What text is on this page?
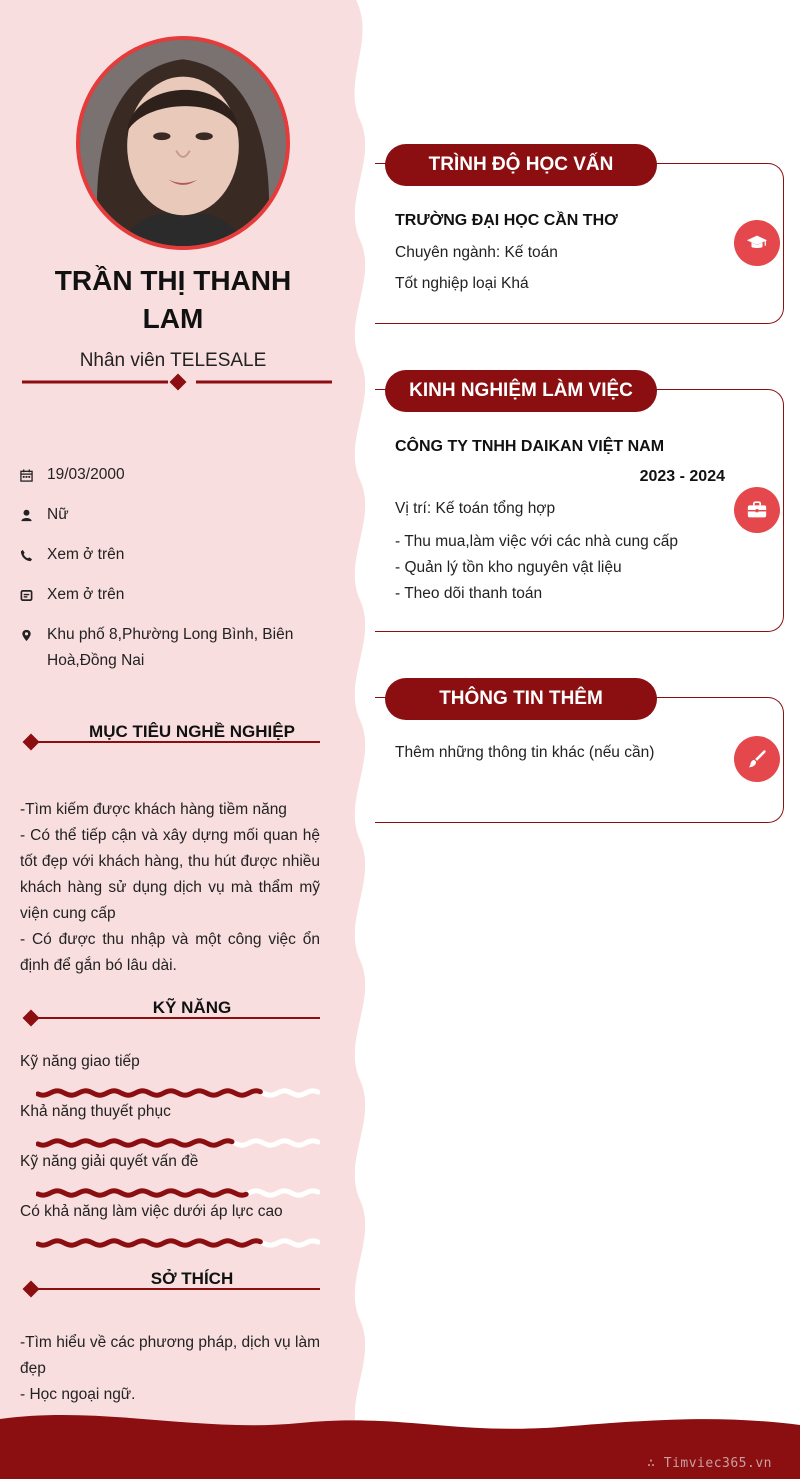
∴ Timviec365.vn
TRẦN THỊ THANH
LAM
Nhân viên TELESALE
19/03/2000
Nữ
Xem ở trên
Xem ở trên
Khu phố 8,Phường Long Bình, Biên Hoà,Đồng Nai
MỤC TIÊU NGHỀ NGHIỆP
-Tìm kiếm được khách hàng tiềm năng
- Có thể tiếp cận và xây dựng mối quan hệ tốt đẹp với khách hàng, thu hút được nhiều khách hàng sử dụng dịch vụ mà thẩm mỹ viện cung cấp
- Có được thu nhập và một công việc ổn định để gắn bó lâu dài.
KỸ NĂNG
Kỹ năng giao tiếp
Khả năng thuyết phục
Kỹ năng giải quyết vấn đề
Có khả năng làm việc dưới áp lực cao
SỞ THÍCH
-Tìm hiểu về các phương pháp, dịch vụ làm đẹp
- Học ngoại ngữ.
TRÌNH ĐỘ HỌC VẤN
TRƯỜNG ĐẠI HỌC CẦN THƠ
Chuyên ngành: Kế toán
Tốt nghiệp loại Khá
KINH NGHIỆM LÀM VIỆC
CÔNG TY TNHH DAIKAN VIỆT NAM
2023 - 2024
Vị trí: Kế toán tổng hợp
- Thu mua,làm việc với các nhà cung cấp
- Quản lý tồn kho nguyên vật liệu
- Theo dõi thanh toán
THÔNG TIN THÊM
Thêm những thông tin khác (nếu cần)
